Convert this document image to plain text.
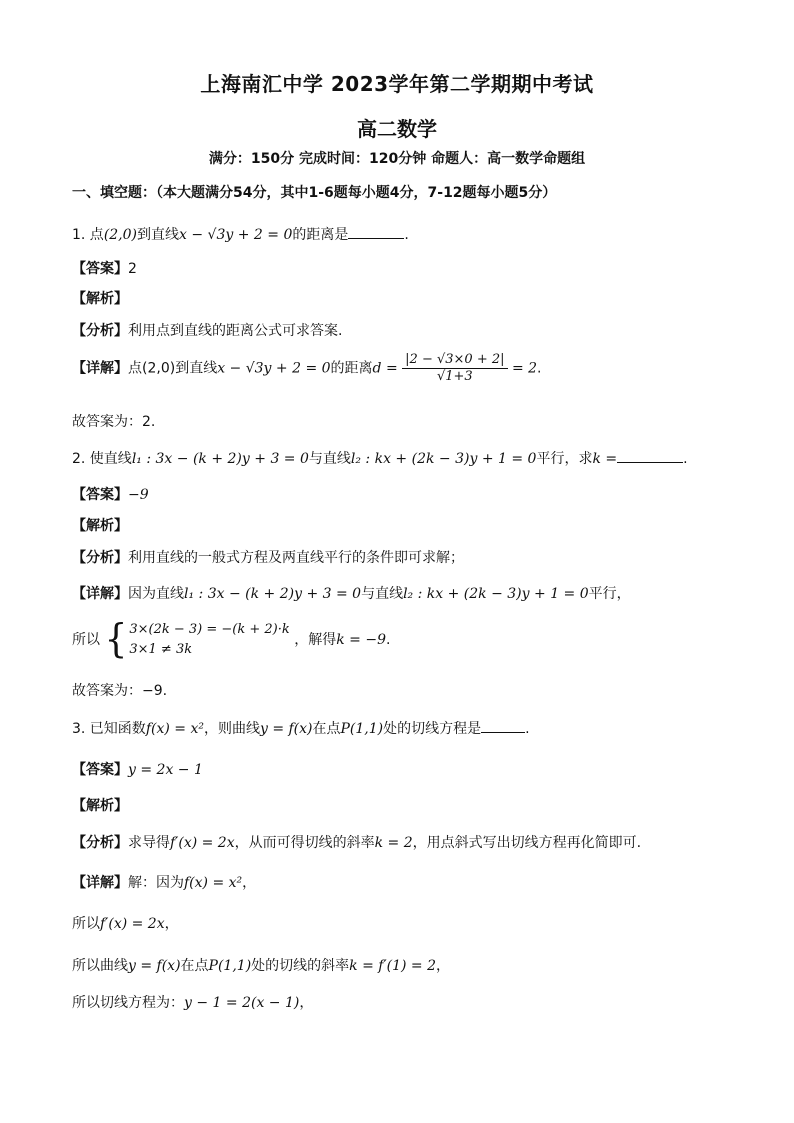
上海南汇中学 2023学年第二学期期中考试
高二数学
满分：150分 完成时间：120分钟 命题人：高一数学命题组
一、填空题：（本大题满分54分，其中1-6题每小题4分，7-12题每小题5分）
1. 点(2,0)到直线x − √3y + 2 = 0的距离是	.
【答案】2
【解析】
【分析】利用点到直线的距离公式可求答案.
【详解】点(2,0)到直线x − √3y + 2 = 0的距离$d = \frac{|2 - √3\times 0 + 2|}{√1+3} = 2$.
故答案为：2.
2. 使直线l₁ : 3x − (k + 2)y + 3 = 0与直线l₂ : kx + (2k − 3)y + 1 = 0平行，求k =	.
【答案】−9
【解析】
【分析】利用直线的一般式方程及两直线平行的条件即可求解；
【详解】因为直线l₁ : 3x − (k + 2)y + 3 = 0与直线l₂ : kx + (2k − 3)y + 1 = 0平行，
所以 { 3×(2k − 3) = −(k + 2)·k
3×1 ≠ 3k
，解得k = −9.
故答案为：−9.
3. 已知函数f(x) = x²，则曲线y = f(x)在点P(1,1)处的切线方程是	.
【答案】y = 2x − 1
【解析】
【分析】求导得f′(x) = 2x，从而可得切线的斜率k = 2，用点斜式写出切线方程再化简即可.
【详解】解：因为f(x) = x²，
所以f′(x) = 2x，
所以曲线y = f(x)在点P(1,1)处的切线的斜率k = f′(1) = 2，
所以切线方程为：y − 1 = 2(x − 1)，
